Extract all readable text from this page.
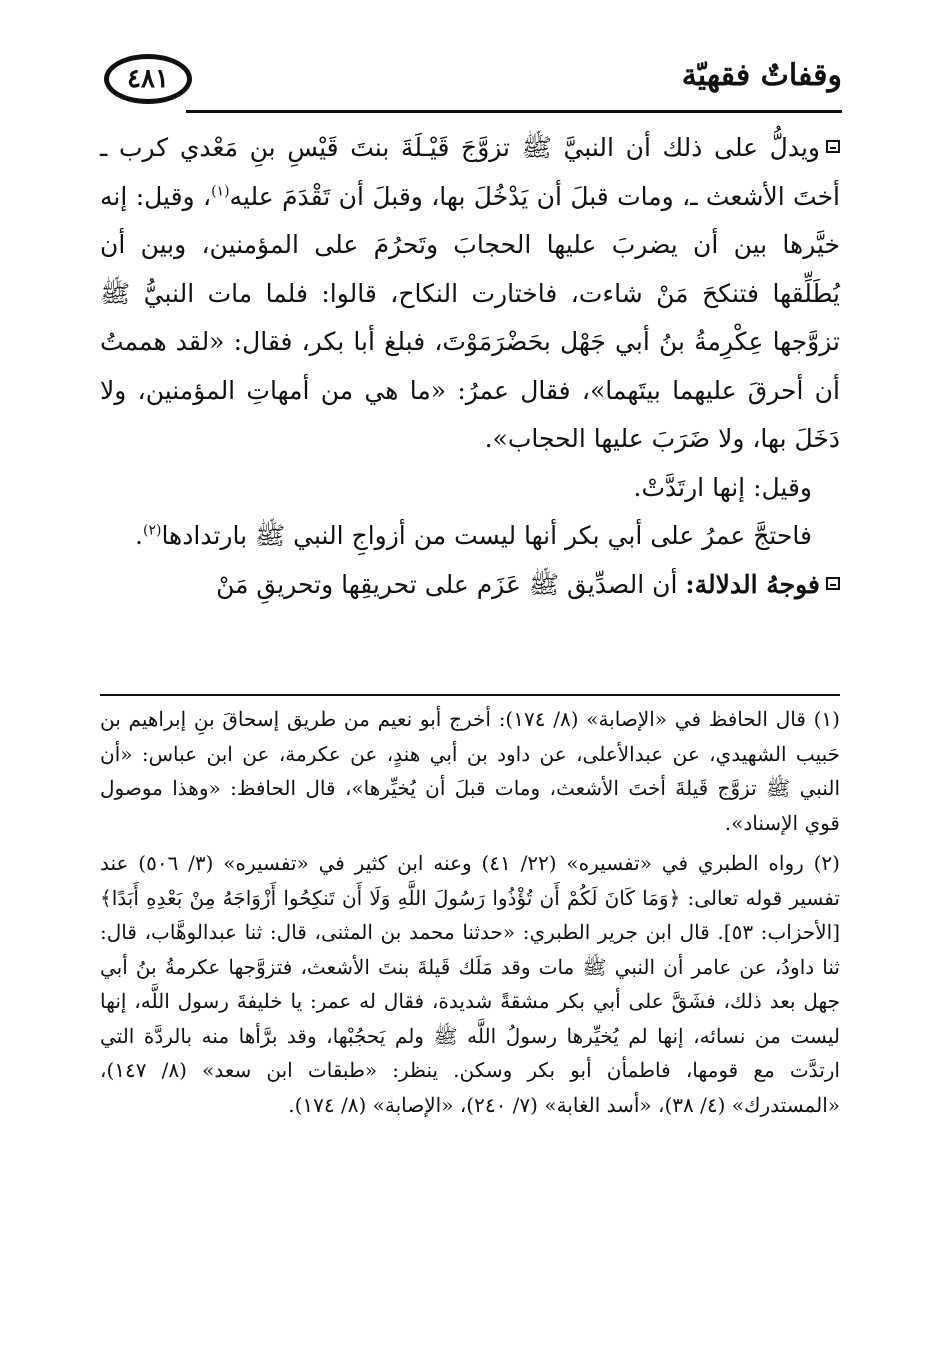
٤٨١	وقفاتٌ فقهيّة

ويدلُّ على ذلك أن النبيَّ ﷺ تزوَّجَ قَيْـلَةَ بنتَ قَيْسِ بنِ مَعْدي كرب ـ أختَ الأشعث ـ، ومات قبلَ أن يَدْخُلَ بها، وقبلَ أن تَقْدَمَ عليه$^{(١)}$، وقيل: إنه خيَّرها بين أن يضربَ عليها الحجابَ وتَحرُمَ على المؤمنين، وبين أن يُطَلِّقها فتنكحَ مَنْ شاءت، فاختارت النكاح، قالوا: فلما مات النبيُّ ﷺ تزوَّجها عِكْرِمةُ بنُ أبي جَهْل بحَضْرَمَوْتَ، فبلغ أبا بكر، فقال: «لقد هممتُ أن أحرقَ عليهما بيتَهما»، فقال عمرُ: «ما هي من أمهاتِ المؤمنين، ولا دَخَلَ بها، ولا ضَرَبَ عليها الحجاب».

وقيل: إنها ارتَدَّتْ.

فاحتجَّ عمرُ على أبي بكر أنها ليست من أزواجِ النبي ﷺ بارتدادها$^{(٢)}$.

فوجهُ الدلالة: أن الصدِّيق ﷺ عَزَم على تحريقِها وتحريقِ مَنْ

(١) قال الحافظ في «الإصابة» (٨/ ١٧٤): أخرج أبو نعيم من طريق إسحاقَ بنِ إبراهيم بن حَبيب الشهيدي، عن عبدالأعلى، عن داود بن أبي هندٍ، عن عكرمة، عن ابن عباس: «أن النبي ﷺ تزوَّج قَيلةَ أختَ الأشعث، ومات قبلَ أن يُخيِّرها»، قال الحافظ: «وهذا موصول قوي الإسناد».

(٢) رواه الطبري في «تفسيره» (٢٢/ ٤١) وعنه ابن كثير في «تفسيره» (٣/ ٥٠٦) عند تفسير قوله تعالى: ﴿وَمَا كَانَ لَكُمْ أَن تُؤْذُوا رَسُولَ اللَّهِ وَلَا أَن تَنكِحُوا أَزْوَاجَهُ مِنْ بَعْدِهِ أَبَدًا﴾ [الأحزاب: ٥٣]. قال ابن جرير الطبري: «حدثنا محمد بن المثنى، قال: ثنا عبدالوهَّاب، قال: ثنا داودُ، عن عامر أن النبي ﷺ مات وقد مَلَك قَيلةَ بنتَ الأشعث، فتزوَّجها عكرمةُ بنُ أبي جهل بعد ذلك، فشَقَّ على أبي بكر مشقةً شديدة، فقال له عمر: يا خليفةَ رسول اللَّه، إنها ليست من نسائه، إنها لم يُخيِّرها رسولُ اللَّه ﷺ ولم يَحجُبْها، وقد برَّأها منه بالردَّة التي ارتدَّت مع قومها، فاطمأن أبو بكر وسكن. ينظر: «طبقات ابن سعد» (٨/ ١٤٧)، «المستدرك» (٤/ ٣٨)، «أسد الغابة» (٧/ ٢٤٠)، «الإصابة» (٨/ ١٧٤).
